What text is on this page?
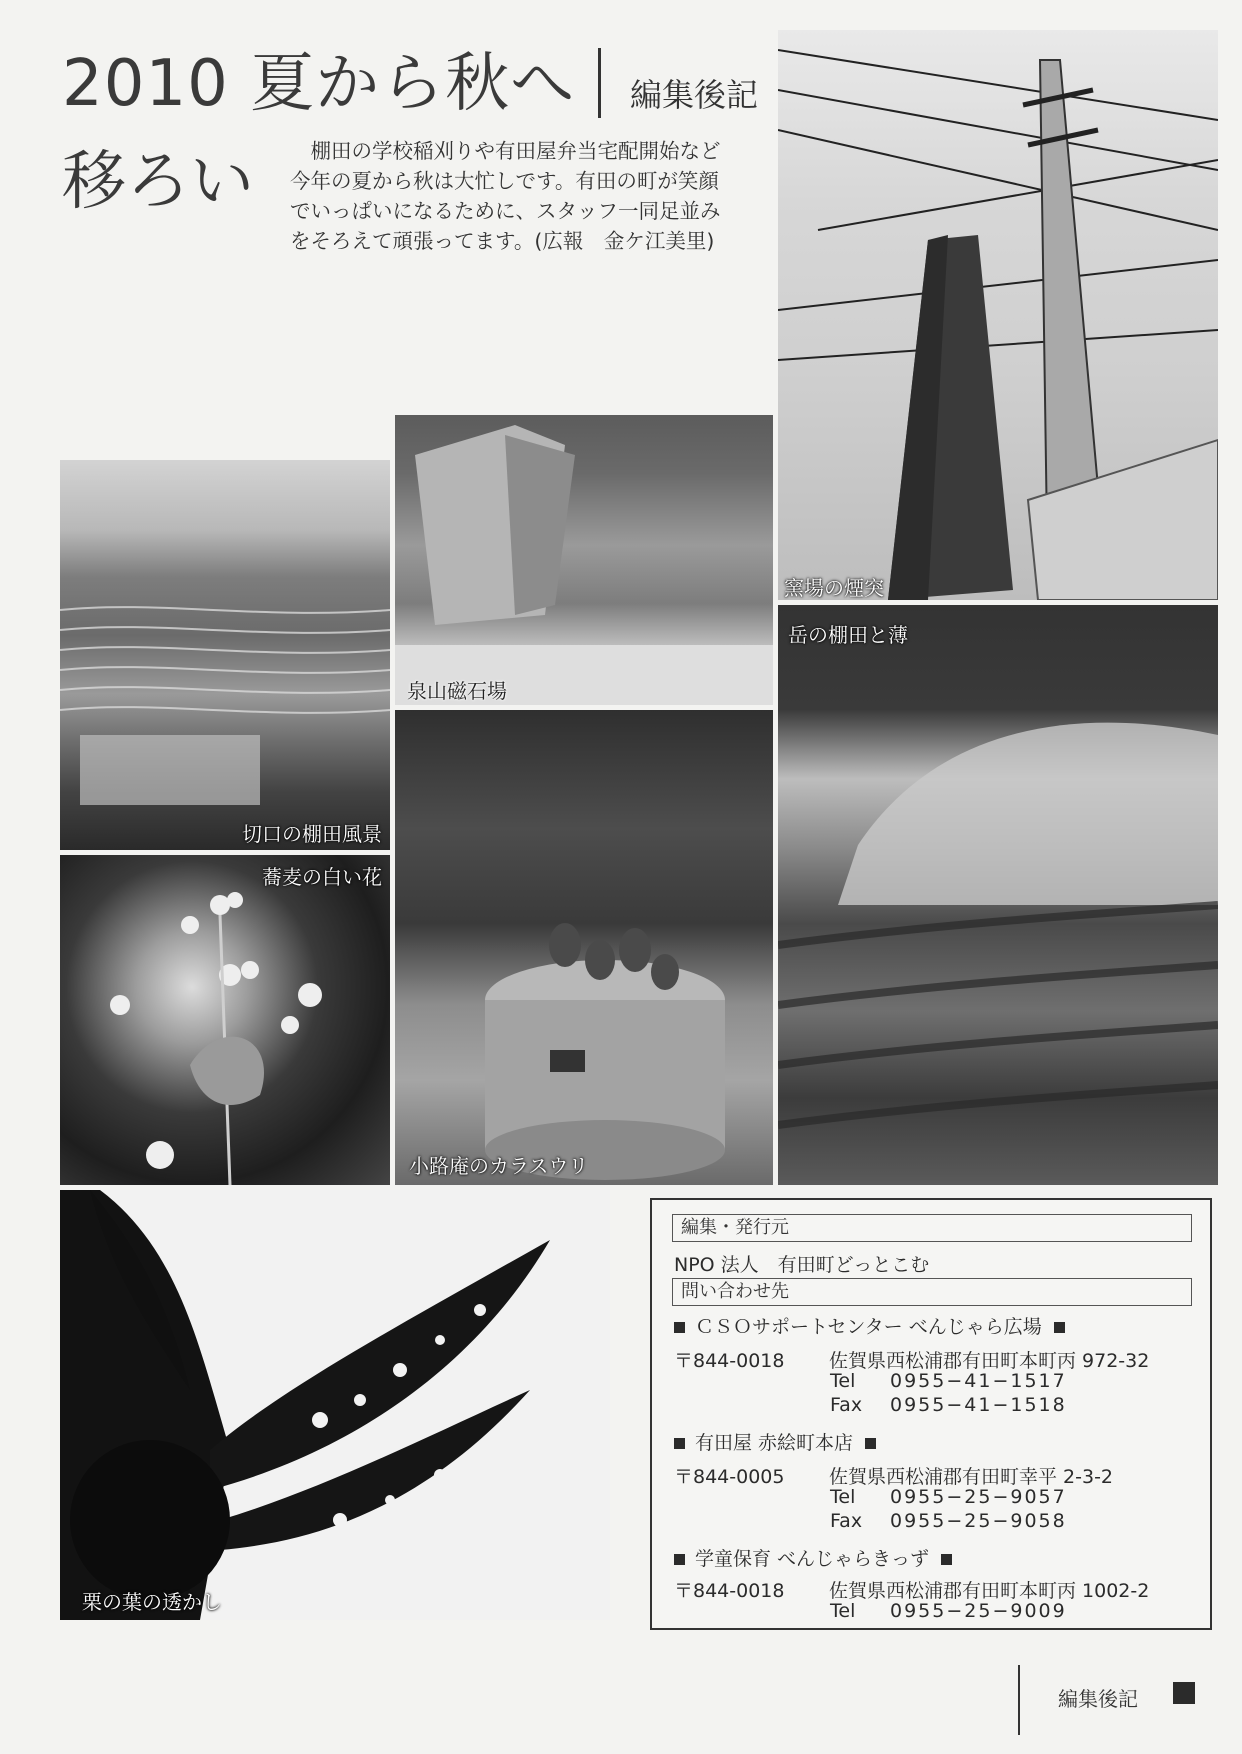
2010 夏から秋へ 編集後記
移ろい	棚田の学校稲刈りや有田屋弁当宅配開始など

今年の夏から秋は大忙しです。有田の町が笑顔
でいっぱいになるために、スタッフ一同足並み
をそろえて頑張ってます。(広報　金ケ江美里)
窯場の煙突
岳の棚田と薄
泉山磁石場
切口の棚田風景
蕎麦の白い花
小路庵のカラスウリ
栗の葉の透かし
編集・発行元
NPO 法人　有田町どっとこむ
問い合わせ先
ＣＳＯサポートセンター べんじゃら広場
〒844-0018 佐賀県西松浦郡有田町本町丙 972-32
Tel 0955−41−1517
Fax 0955−41−1518
有田屋 赤絵町本店
〒844-0005 佐賀県西松浦郡有田町幸平 2-3-2
Tel 0955−25−9057
Fax 0955−25−9058
学童保育 べんじゃらきっず
〒844-0018 佐賀県西松浦郡有田町本町丙 1002-2
Tel 0955−25−9009
編集後記
